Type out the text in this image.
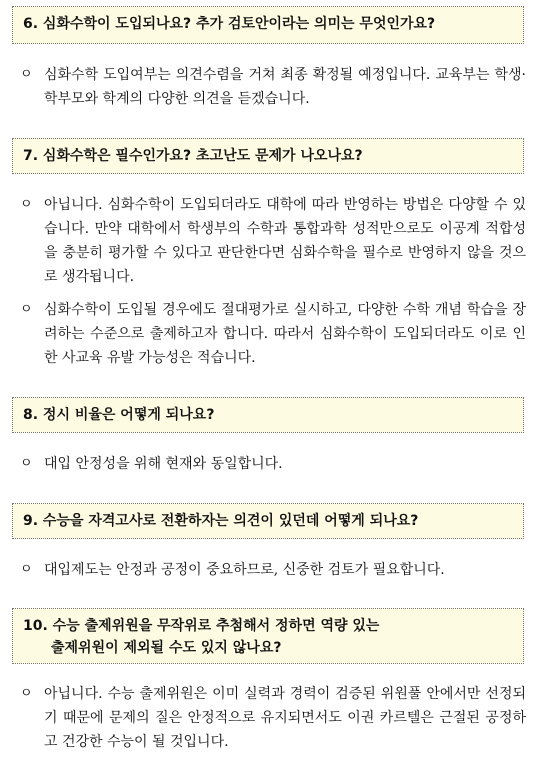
6. 심화수학이 도입되나요? 추가 검토안이라는 의미는 무엇인가요?
ㅇ 심화수학 도입여부는 의견수렴을 거쳐 최종 확정될 예정입니다. 교육부는 학생·학부모와 학계의 다양한 의견을 듣겠습니다.
7. 심화수학은 필수인가요? 초고난도 문제가 나오나요?
ㅇ 아닙니다. 심화수학이 도입되더라도 대학에 따라 반영하는 방법은 다양할 수 있습니다. 만약 대학에서 학생부의 수학과 통합과학 성적만으로도 이공계 적합성을 충분히 평가할 수 있다고 판단한다면 심화수학을 필수로 반영하지 않을 것으로 생각됩니다.
ㅇ 심화수학이 도입될 경우에도 절대평가로 실시하고, 다양한 수학 개념 학습을 장려하는 수준으로 출제하고자 합니다. 따라서 심화수학이 도입되더라도 이로 인한 사교육 유발 가능성은 적습니다.
8. 정시 비율은 어떻게 되나요?
ㅇ 대입 안정성을 위해 현재와 동일합니다.
9. 수능을 자격고사로 전환하자는 의견이 있던데 어떻게 되나요?
ㅇ 대입제도는 안정과 공정이 중요하므로, 신중한 검토가 필요합니다.
10. 수능 출제위원을 무작위로 추첨해서 정하면 역량 있는
출제위원이 제외될 수도 있지 않나요?
ㅇ 아닙니다. 수능 출제위원은 이미 실력과 경력이 검증된 위원풀 안에서만 선정되기 때문에 문제의 질은 안정적으로 유지되면서도 이권 카르텔은 근절된 공정하고 건강한 수능이 될 것입니다.
